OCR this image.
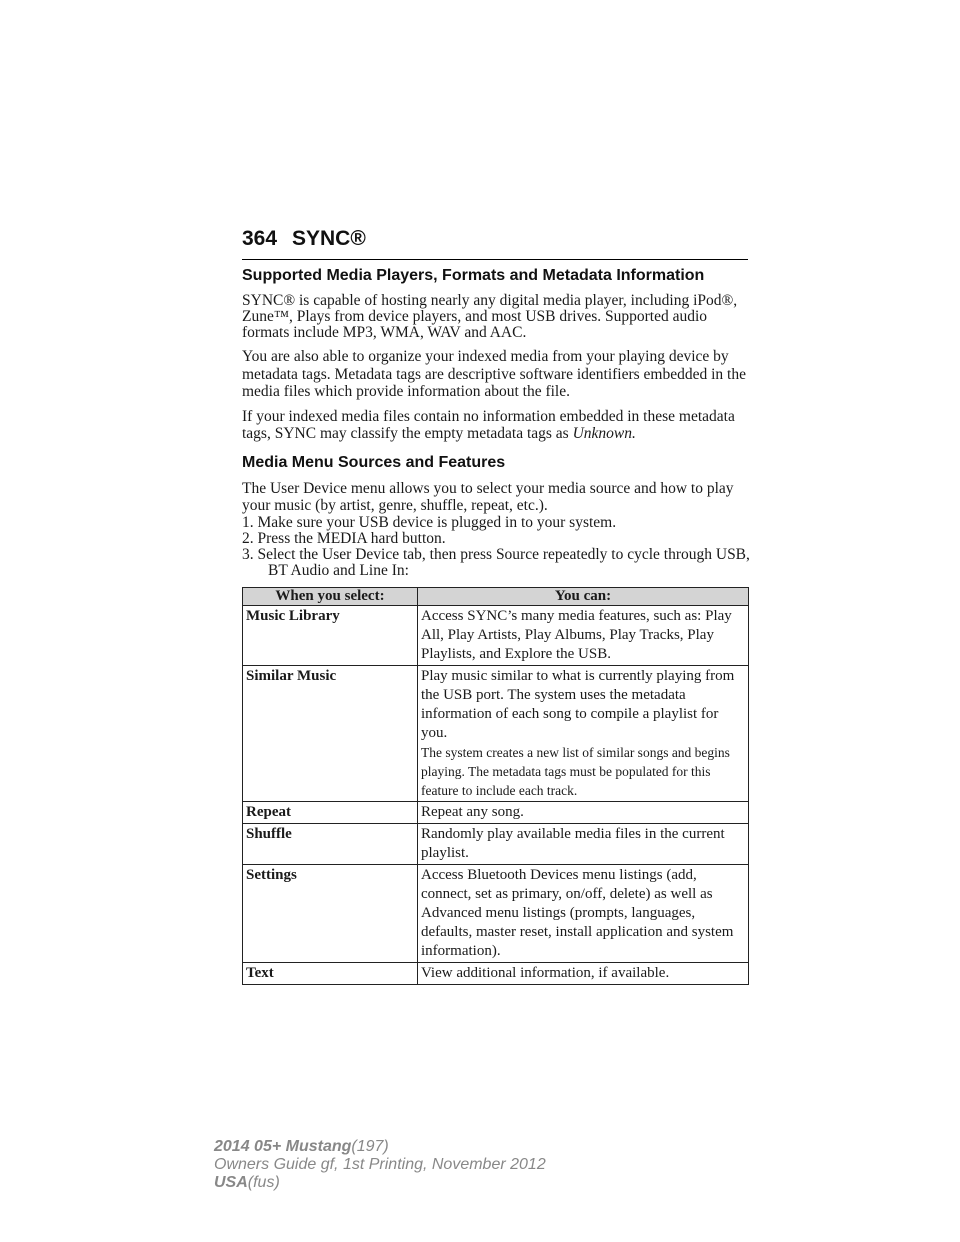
364 SYNC®
Supported Media Players, Formats and Metadata Information

SYNC® is capable of hosting nearly any digital media player, including iPod®, Zune™, Plays from device players, and most USB drives. Supported audio formats include MP3, WMA, WAV and AAC.

You are also able to organize your indexed media from your playing device by metadata tags. Metadata tags are descriptive software identifiers embedded in the media files which provide information about the file.

If your indexed media files contain no information embedded in these metadata tags, SYNC may classify the empty metadata tags as Unknown.

Media Menu Sources and Features

The User Device menu allows you to select your media source and how to play your music (by artist, genre, shuffle, repeat, etc.).

1. Make sure your USB device is plugged in to your system.
2. Press the MEDIA hard button.
3. Select the User Device tab, then press Source repeatedly to cycle through USB, BT Audio and Line In:
When you select:	You can:
Music Library	Access SYNC’s many media features, such as: Play All, Play Artists, Play Albums, Play Tracks, Play Playlists, and Explore the USB.
Similar Music	Play music similar to what is currently playing from the USB port. The system uses the metadata information of each song to compile a playlist for you.
The system creates a new list of similar songs and begins playing. The metadata tags must be populated for this feature to include each track.

Repeat	Repeat any song.
Shuffle	Randomly play available media files in the current playlist.
Settings	Access Bluetooth Devices menu listings (add, connect, set as primary, on/off, delete) as well as Advanced menu listings (prompts, languages, defaults, master reset, install application and system information).
Text	View additional information, if available.
2014 05+ Mustang(197)
Owners Guide gf, 1st Printing, November 2012
USA(fus)
